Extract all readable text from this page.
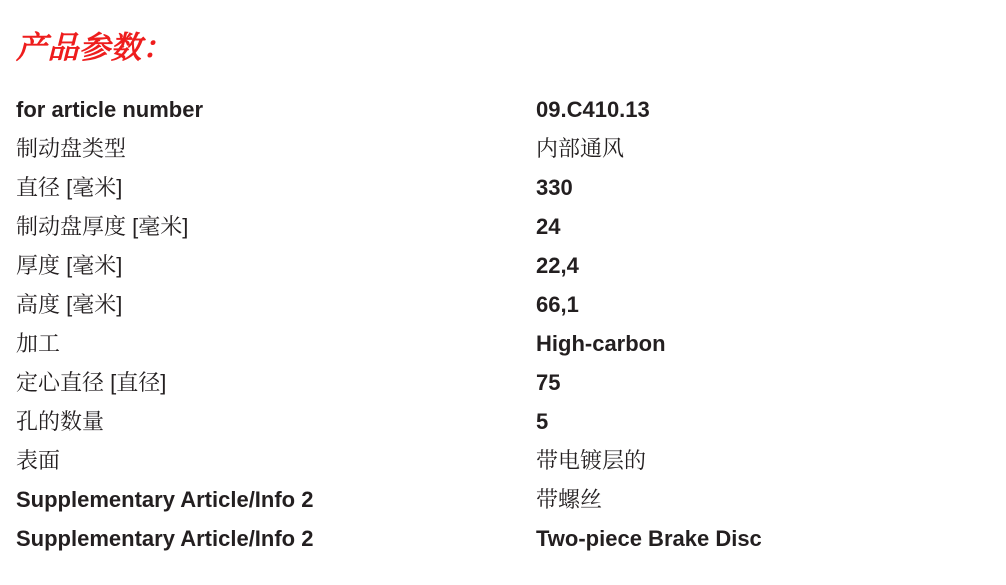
产品参数：
for article number	09.C410.13
制动盘类型	内部通风
直径 [毫米]	330
制动盘厚度 [毫米]	24
厚度 [毫米]	22,4
高度 [毫米]	66,1
加工	High-carbon
定心直径 [直径]	75
孔的数量	5
表面	带电镀层的
Supplementary Article/Info 2	带螺丝
Supplementary Article/Info 2	Two-piece Brake Disc
